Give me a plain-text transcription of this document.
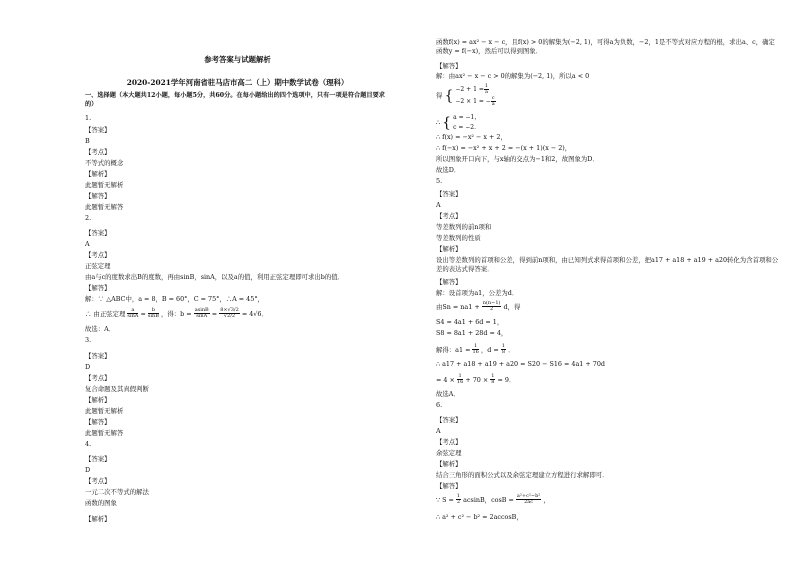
参考答案与试题解析
2020-2021学年河南省驻马店市高二（上）期中数学试卷（理科）
一、选择题（本大题共12小题，每小题5分，共60分。在每小题给出的四个选项中，只有一项是符合题目要求的）
1.
【答案】
B
【考点】
不等式的概念
【解析】
此题暂无解析
【解答】
此题暂无解答
2.
【答案】
A
【考点】
正弦定理
由a与c的度数求出B的度数，再由sinB，sinA，以及a的值，利用正弦定理即可求出b的值．
【解答】
解：∵ △ABC中，a = 8，B = 60°，C = 75°，∴A = 45°，
∴ 由正弦定理 $\frac{a}{\sin A} = \frac{b}{\sin B}$ ，得：$b = \frac{asinB}{\sin A} = \frac{8\times√3/2}{√2/2} = 4√6$．
故选：A．
3.
【答案】
D
【考点】
复合命题及其真假判断
【解析】
此题暂无解析
【解答】
此题暂无解答
4.
【答案】
D
【考点】
一元二次不等式的解法
函数的图象
【解析】
函数f(x) = ax² − x − c，且f(x) > 0的解集为(−2, 1)，可得a为负数，−2，1是不等式对应方程的根，求出a、c，确定函数y = f(−x)，然后可以得到图象．
【解答】
解：由ax² − x − c > 0的解集为(−2, 1)，所以a < 0
得 { $-2 + 1 = \frac{1}{a}$

−2 × 1 = − $\frac{c}{a}$
∴ { a = −1，
c = −2．
∴ f(x) = −x² − x + 2，
∴ f(−x) = −x² + x + 2 = −(x + 1)(x − 2)，
所以图象开口向下，与x轴的交点为−1和2，故图象为D．
故选D．
5.
【答案】
A
【考点】
等差数列的前n项和
等差数列的性质
【解析】
设出等差数列的首项和公差，得到前n项和，由已知列式求得首项和公差，把a17 + a18 + a19 + a20转化为含首项和公差的表达式得答案．
【解答】
解：设首项为a1，公差为d．
由$Sn = na1 + \frac{n(n-1)}{2}$ d，得
S4 = 4a1 + 6d = 1，
S8 = 8a1 + 28d = 4，
解得：$a1 = \frac{1}{16}$ ，$d = \frac{1}{8}$ ．
∴ a17 + a18 + a19 + a20 = S20 − S16 = 4a1 + 70d
= $4 \times \frac{1}{16} + 70 \times \frac{1}{8} = 9$．
故选A．
6.
【答案】
A
【考点】
余弦定理
【解析】
结合三角形的面积公式以及余弦定理建立方程进行求解即可．
【解答】
∵ $S = \frac{1}{2}$ acsinB，$\cos B = \frac{\text{a²+c²−b²}}{2ac}$ ，
∴ a² + c² − b² = 2accosB，
